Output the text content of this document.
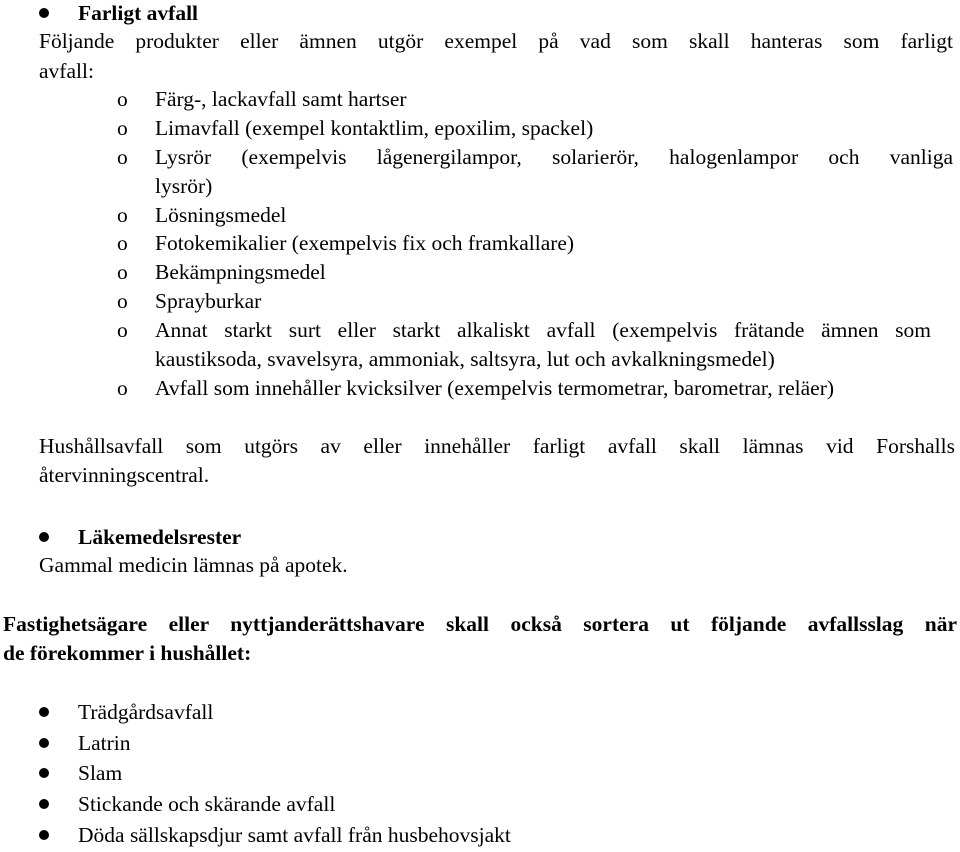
Farligt avfall
Följande produkter eller ämnen utgör exempel på vad som skall hanteras som farligt
avfall:
o Färg-, lackavfall samt hartser
o Limavfall (exempel kontaktlim, epoxilim, spackel)
o Lysrör (exempelvis lågenergilampor, solarierör, halogenlampor och vanliga
lysrör)
o Lösningsmedel
o Fotokemikalier (exempelvis fix och framkallare)
o Bekämpningsmedel
o Sprayburkar
o Annat starkt surt eller starkt alkaliskt avfall (exempelvis frätande ämnen som
kaustiksoda, svavelsyra, ammoniak, saltsyra, lut och avkalkningsmedel)
o Avfall som innehåller kvicksilver (exempelvis termometrar, barometrar, reläer)
Hushållsavfall som utgörs av eller innehåller farligt avfall skall lämnas vid Forshalls
återvinningscentral.
Läkemedelsrester
Gammal medicin lämnas på apotek.
Fastighetsägare eller nyttjanderättshavare skall också sortera ut följande avfallsslag när
de förekommer i hushållet:
Trädgårdsavfall
Latrin
Slam
Stickande och skärande avfall
Döda sällskapsdjur samt avfall från husbehovsjakt
